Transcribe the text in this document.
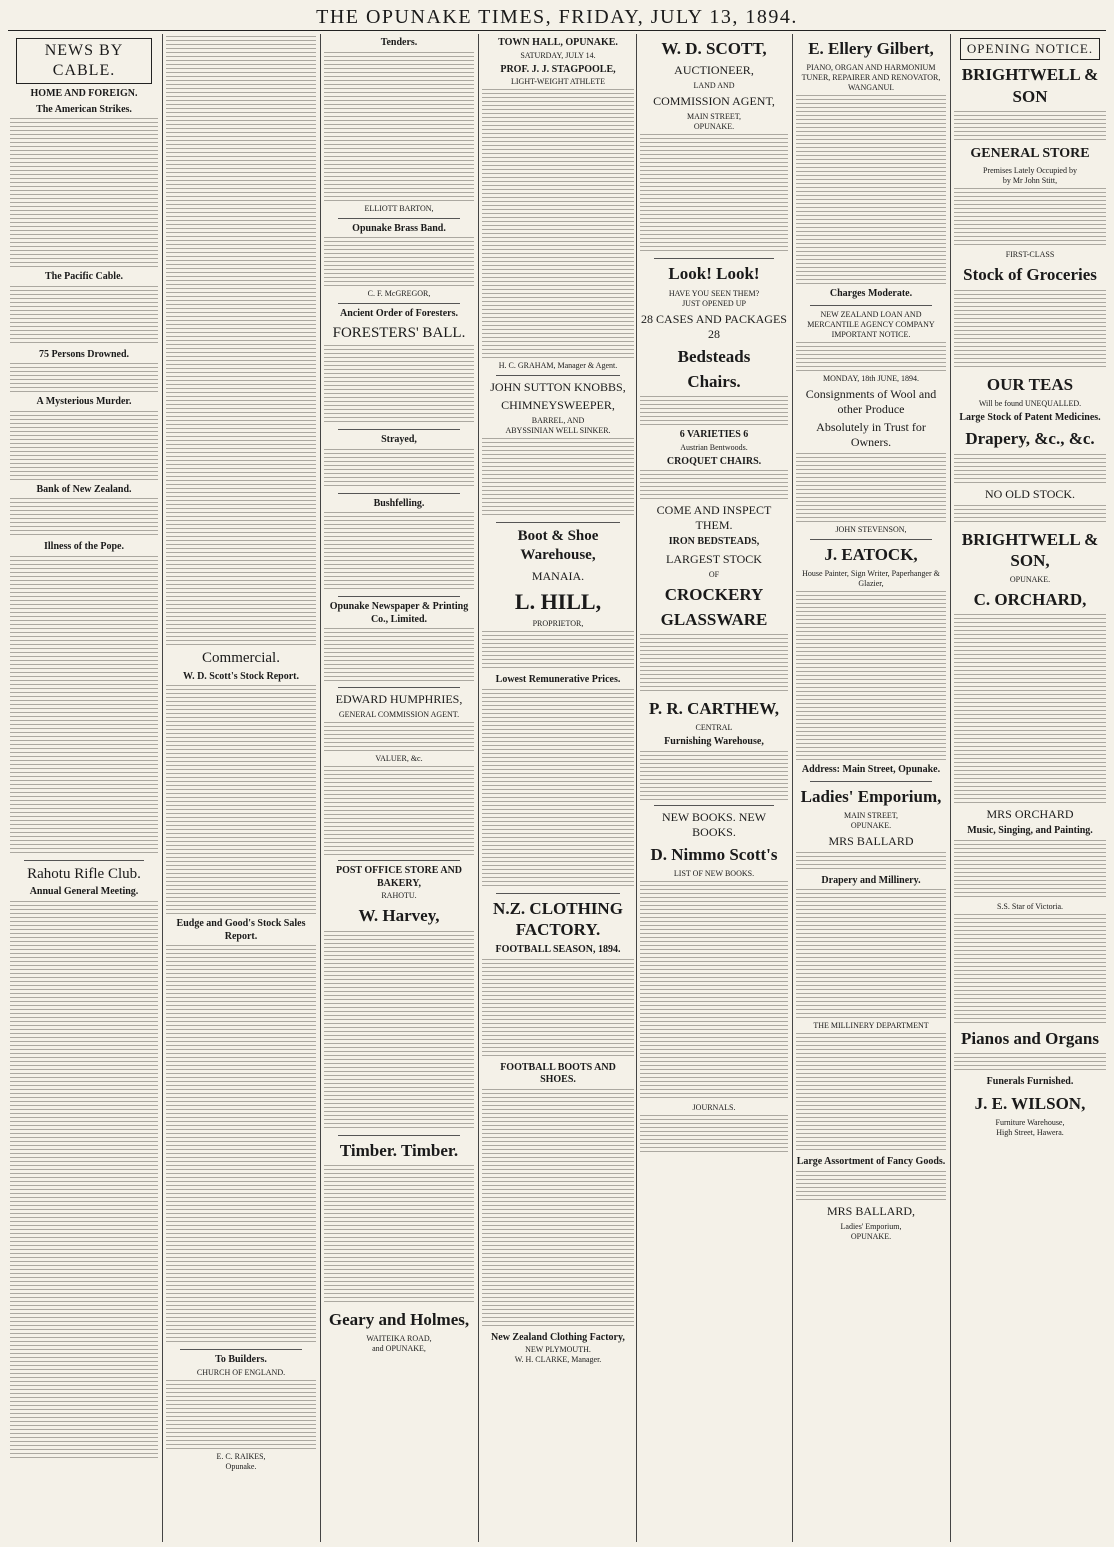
THE OPUNAKE TIMES, FRIDAY, JULY 13, 1894.
NEWS BY CABLE.
HOME AND FOREIGN.
The American Strikes.
The Pacific Cable.
75 Persons Drowned.
A Mysterious Murder.
Bank of New Zealand.
Illness of the Pope.
Rahotu Rifle Club.
Annual General Meeting.
Commercial.
W. D. Scott's Stock Report.
Eudge and Good's Stock Sales Report.
To Builders.
CHURCH OF ENGLAND.
E. C. RAIKES,
Opunake.
Tenders.
ELLIOTT BARTON,
Opunake Brass Band.
C. F. McGREGOR,
Ancient Order of Foresters.
FORESTERS' BALL.
Strayed,
Bushfelling.
Opunake Newspaper & Printing Co., Limited.
EDWARD HUMPHRIES,
GENERAL COMMISSION AGENT.
VALUER, &c.
POST OFFICE STORE AND BAKERY,
RAHOTU.
W. Harvey,
Timber. Timber.
Geary and Holmes,
WAITEIKA ROAD,
and OPUNAKE,
TOWN HALL, OPUNAKE.
SATURDAY, JULY 14.
PROF. J. J. STAGPOOLE,
LIGHT-WEIGHT ATHLETE
H. C. GRAHAM, Manager & Agent.
JOHN SUTTON KNOBBS,
CHIMNEYSWEEPER,
BARREL, AND
ABYSSINIAN WELL SINKER.
Boot & Shoe Warehouse,
MANAIA.
L. HILL,
PROPRIETOR,
Lowest Remunerative Prices.
N.Z. CLOTHING FACTORY.
FOOTBALL SEASON, 1894.
FOOTBALL BOOTS AND SHOES.
New Zealand Clothing Factory,
NEW PLYMOUTH.
W. H. CLARKE, Manager.
W. D. SCOTT,
AUCTIONEER,
LAND AND
COMMISSION AGENT,
MAIN STREET,
OPUNAKE.
Look! Look!
HAVE YOU SEEN THEM?
JUST OPENED UP
28 CASES AND PACKAGES 28
Bedsteads
Chairs.
6 VARIETIES 6
Austrian Bentwoods.
CROQUET CHAIRS.
COME AND INSPECT THEM.
IRON BEDSTEADS,
LARGEST STOCK
OF
CROCKERY
GLASSWARE
P. R. CARTHEW,
CENTRAL
Furnishing Warehouse,
NEW BOOKS. NEW BOOKS.
D. Nimmo Scott's
LIST OF NEW BOOKS.
JOURNALS.
E. Ellery Gilbert,
PIANO, ORGAN AND HARMONIUM TUNER, REPAIRER AND RENOVATOR, WANGANUI.
Charges Moderate.
NEW ZEALAND LOAN AND MERCANTILE AGENCY COMPANY
IMPORTANT NOTICE.
MONDAY, 18th JUNE, 1894.
Consignments of Wool and other Produce
Absolutely in Trust for Owners.
JOHN STEVENSON,
J. EATOCK,
House Painter, Sign Writer, Paperhanger & Glazier,
Address: Main Street, Opunake.
Ladies' Emporium,
MAIN STREET,
OPUNAKE.
MRS BALLARD
Drapery and Millinery.
THE MILLINERY DEPARTMENT
Large Assortment of Fancy Goods.
MRS BALLARD,
Ladies' Emporium,
OPUNAKE.
OPENING NOTICE.
BRIGHTWELL & SON
GENERAL STORE
Premises Lately Occupied by
by Mr John Stitt,
FIRST-CLASS
Stock of Groceries
OUR TEAS
Will be found UNEQUALLED.
Large Stock of Patent Medicines.
Drapery, &c., &c.
NO OLD STOCK.
BRIGHTWELL & SON,
OPUNAKE.
C. ORCHARD,
MRS ORCHARD
Music, Singing, and Painting.
S.S. Star of Victoria.
Pianos and Organs
Funerals Furnished.
J. E. WILSON,
Furniture Warehouse,
High Street, Hawera.
